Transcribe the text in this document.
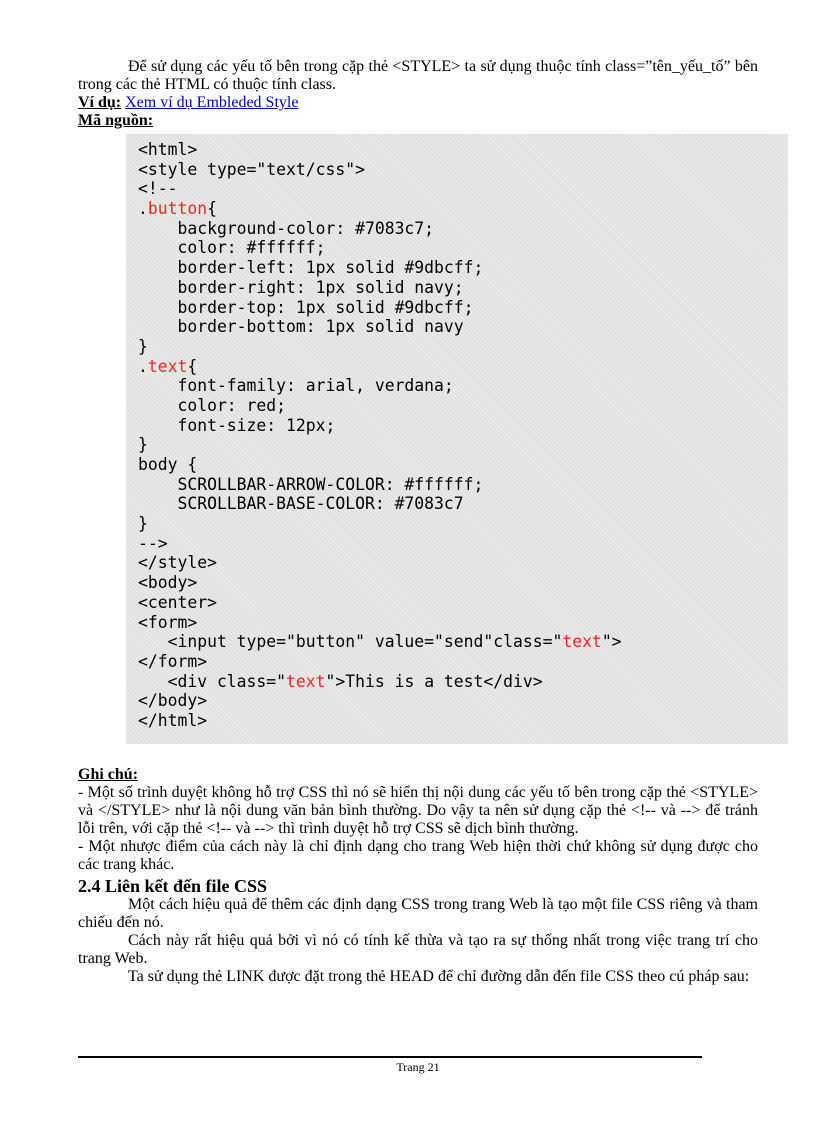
Để sử dụng các yếu tố bên trong cặp thẻ <STYLE> ta sử dụng thuộc tính class=”tên_yếu_tố” bên trong các thẻ HTML có thuộc tính class.

Ví dụ: Xem ví dụ Embleded Style

Mã nguồn:

<html>
<style type="text/css">
<!--
.button{
background-color: #7083c7;
color: #ffffff;
border-left: 1px solid #9dbcff;
border-right: 1px solid navy;
border-top: 1px solid #9dbcff;
border-bottom: 1px solid navy
}
.text{
font-family: arial, verdana;
color: red;
font-size: 12px;
}
body {
SCROLLBAR-ARROW-COLOR: #ffffff;
SCROLLBAR-BASE-COLOR: #7083c7
}
-->
</style>
<body>
<center>
<form>
<input type="button" value="send"class="text">
</form>
<div class="text">This is a test</div>
</body>
</html>

Ghi chú:

- Một số trình duyệt không hỗ trợ CSS thì nó sẽ hiển thị nội dung các yếu tố bên trong cặp thẻ <STYLE> và </STYLE> như là nội dung văn bản bình thường. Do vậy ta nên sử dụng cặp thẻ <!-- và --> để tránh lỗi trên, với cặp thẻ <!-- và --> thì trình duyệt hỗ trợ CSS sẽ dịch bình thường.

- Một nhược điểm của cách này là chỉ định dạng cho trang Web hiện thời chứ không sử dụng được cho các trang khác.

2.4 Liên kết đến file CSS

Một cách hiệu quả để thêm các định dạng CSS trong trang Web là tạo một file CSS riêng và tham chiếu đến nó.

Cách này rất hiệu quả bởi vì nó có tính kế thừa và tạo ra sự thống nhất trong việc trang trí cho trang Web.

Ta sử dụng thẻ LINK được đặt trong thẻ HEAD để chỉ đường dẫn đến file CSS theo cú pháp sau:

Trang 21
